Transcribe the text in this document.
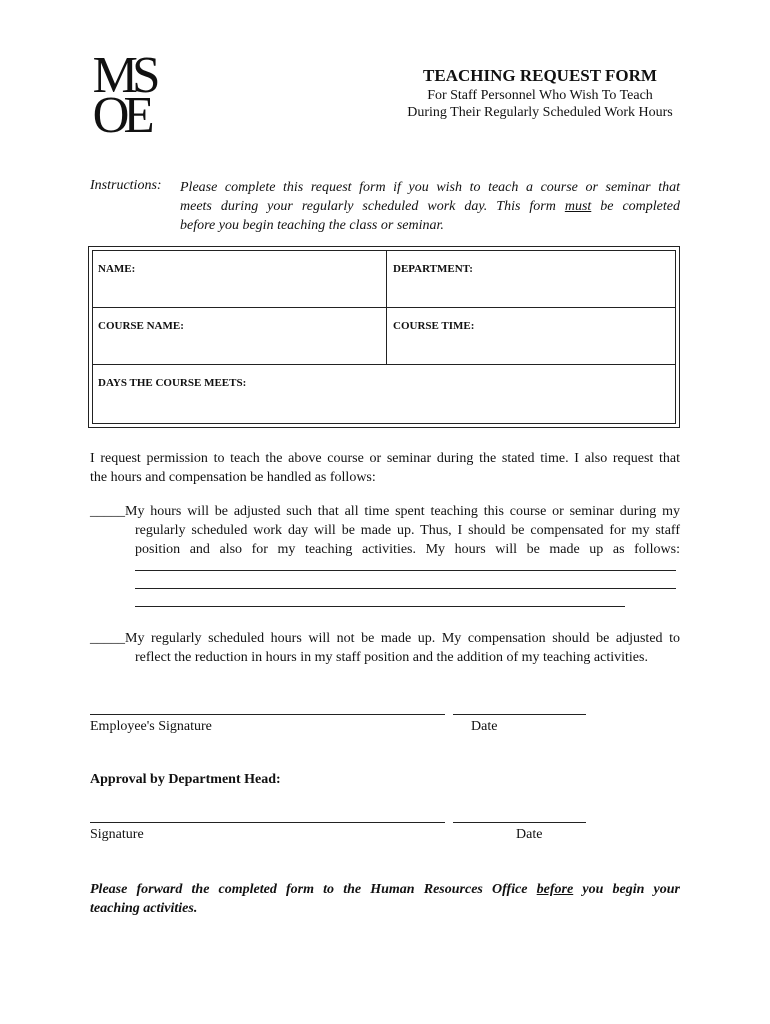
MS
OE
TEACHING REQUEST FORM
For Staff Personnel Who Wish To Teach
During Their Regularly Scheduled Work Hours
Instructions: Please complete this request form if you wish to teach a course or seminar that
meets during your regularly scheduled work day. This form must be completed
before you begin teaching the class or seminar.
NAME:	DEPARTMENT:
COURSE NAME:	COURSE TIME:
DAYS THE COURSE MEETS:
I request permission to teach the above course or seminar during the stated time. I also request that
the hours and compensation be handled as follows:
_____My hours will be adjusted such that all time spent teaching this course or seminar during my
regularly scheduled work day will be made up. Thus, I should be compensated for my staff
position and also for my teaching activities. My hours will be made up as follows:
_____My regularly scheduled hours will not be made up. My compensation should be adjusted to
reflect the reduction in hours in my staff position and the addition of my teaching activities.
Employee's Signature	Date
Approval by Department Head:
Signature	Date
Please forward the completed form to the Human Resources Office before you begin your
teaching activities.
